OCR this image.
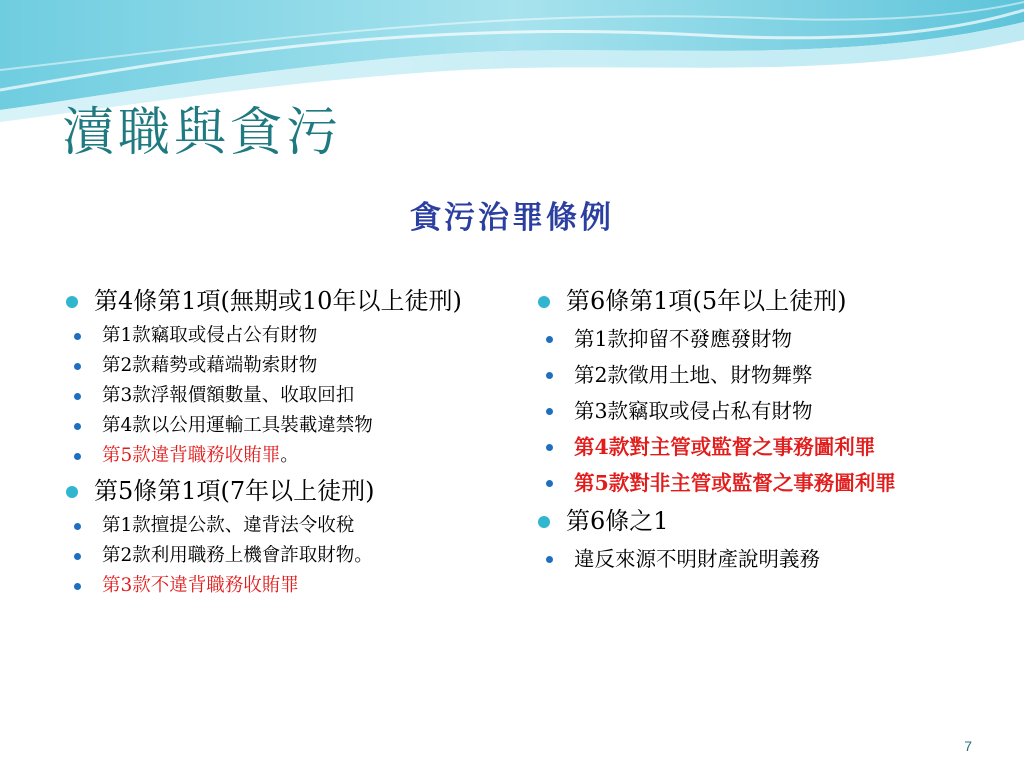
瀆職與貪污
貪污治罪條例
第4條第1項(無期或10年以上徒刑)
第1款竊取或侵占公有財物
第2款藉勢或藉端勒索財物
第3款浮報價額數量、收取回扣
第4款以公用運輸工具裝載違禁物
第5款違背職務收賄罪。
第5條第1項(7年以上徒刑)
第1款擅提公款、違背法令收稅
第2款利用職務上機會詐取財物。
第3款不違背職務收賄罪
第6條第1項(5年以上徒刑)
第1款抑留不發應發財物
第2款徵用土地、財物舞弊
第3款竊取或侵占私有財物
第4款對主管或監督之事務圖利罪
第5款對非主管或監督之事務圖利罪
第6條之1
違反來源不明財產說明義務
7
